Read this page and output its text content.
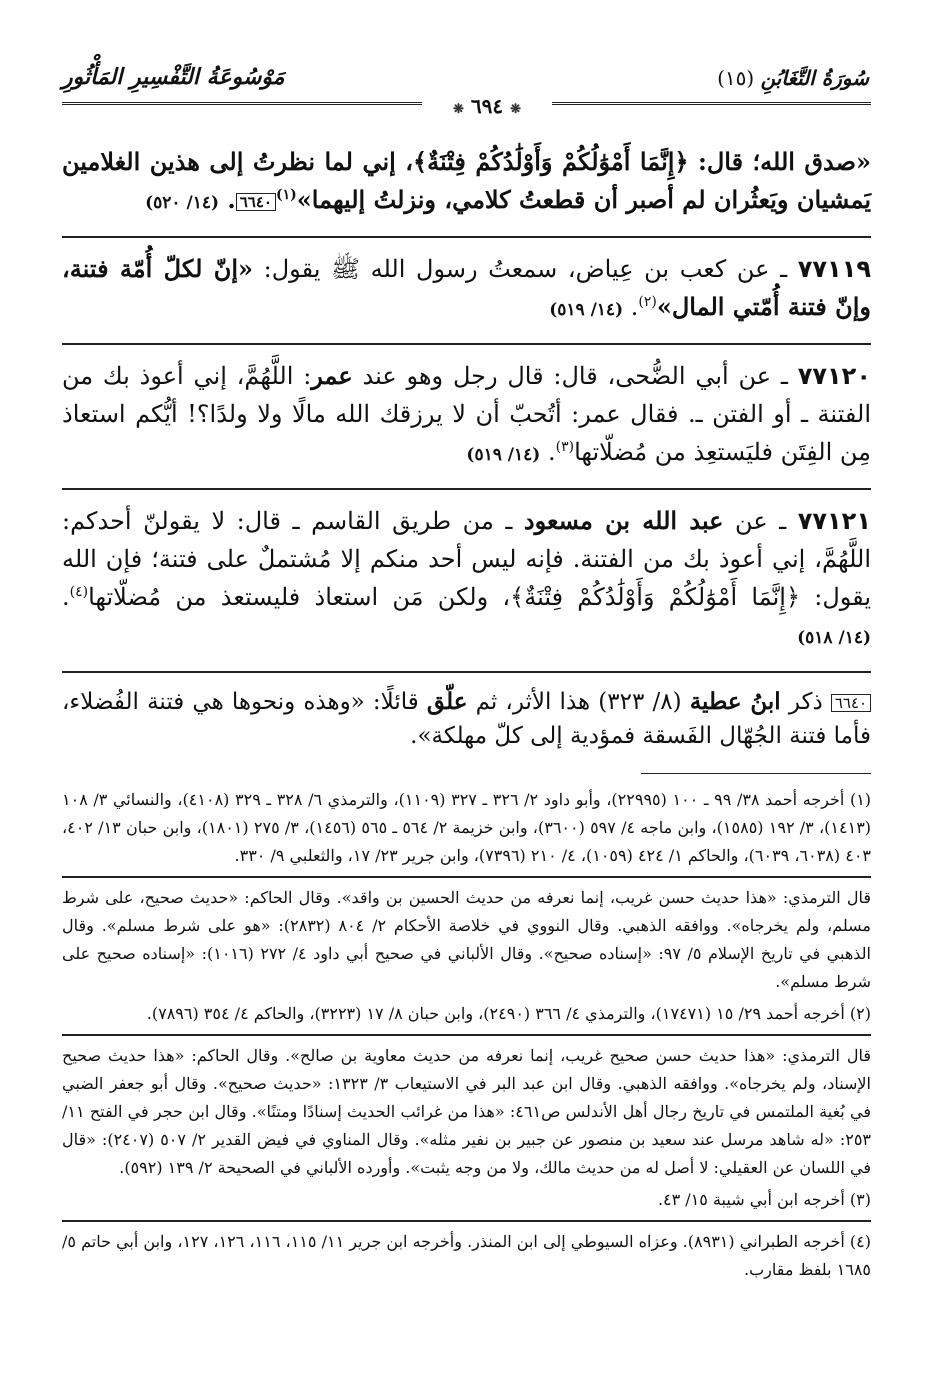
سُورَةُ التَّغَابُنِ (١٥)
مَوْسُوعَةُ التَّفْسِيرِ المَأْثُورِ
❋ ٦٩٤ ❋

«صدق الله؛ قال: ﴿إِنَّمَا أَمْوَٰلُكُمْ وَأَوْلَٰدُكُمْ فِتْنَةٌ﴾، إني لما نظرتُ إلى هذين الغلامين يَمشيان ويَعثُران لم أصبر أن قطعتُ كلامي، ونزلتُ إليهما»$^{(١)}$٦٦٤٠. (١٤/ ٥٢٠)

٧٧١١٩ ـ عن كعب بن عِياض، سمعتُ رسول الله ﷺ يقول: «إنّ لكلّ أُمّة فتنة، وإنّ فتنة أُمّتي المال»$^{(٢)}$. (١٤/ ٥١٩)

٧٧١٢٠ ـ عن أبي الضُّحى، قال: قال رجل وهو عند عمر: اللَّهُمَّ، إني أعوذ بك من الفتنة ـ أو الفتن ـ. فقال عمر: أتُحبّ أن لا يرزقك الله مالًا ولا ولدًا؟! أيُّكم استعاذ مِن الفِتَن فليَستعِذ من مُضلّاتها$^{(٣)}$. (١٤/ ٥١٩)

٧٧١٢١ ـ عن عبد الله بن مسعود ـ من طريق القاسم ـ قال: لا يقولنّ أحدكم: اللَّهُمَّ، إني أعوذ بك من الفتنة. فإنه ليس أحد منكم إلا مُشتملٌ على فتنة؛ فإن الله يقول: ﴿إِنَّمَا أَمْوَٰلُكُمْ وَأَوْلَٰدُكُمْ فِتْنَةٌ﴾، ولكن مَن استعاذ فليستعذ من مُضلّاتها$^{(٤)}$. (١٤/ ٥١٨)

٦٦٤٠ ذكر ابنُ عطية (٨/ ٣٢٣) هذا الأثر، ثم علّق قائلًا: «وهذه ونحوها هي فتنة الفُضلاء، فأما فتنة الجُهّال الفَسقة فمؤدية إلى كلّ مهلكة».

(١) أخرجه أحمد ٣٨/ ٩٩ ـ ١٠٠ (٢٢٩٩٥)، وأبو داود ٢/ ٣٢٦ ـ ٣٢٧ (١١٠٩)، والترمذي ٦/ ٣٢٨ ـ ٣٢٩ (٤١٠٨)، والنسائي ٣/ ١٠٨ (١٤١٣)، ٣/ ١٩٢ (١٥٨٥)، وابن ماجه ٤/ ٥٩٧ (٣٦٠٠)، وابن خزيمة ٢/ ٥٦٤ ـ ٥٦٥ (١٤٥٦)، ٣/ ٢٧٥ (١٨٠١)، وابن حبان ١٣/ ٤٠٢، ٤٠٣ (٦٠٣٨، ٦٠٣٩)، والحاكم ١/ ٤٢٤ (١٠٥٩)، ٤/ ٢١٠ (٧٣٩٦)، وابن جرير ٢٣/ ١٧، والثعلبي ٩/ ٣٣٠.

قال الترمذي: «هذا حديث حسن غريب، إنما نعرفه من حديث الحسين بن واقد». وقال الحاكم: «حديث صحيح، على شرط مسلم، ولم يخرجاه». ووافقه الذهبي. وقال النووي في خلاصة الأحكام ٢/ ٨٠٤ (٢٨٣٢): «هو على شرط مسلم». وقال الذهبي في تاريخ الإسلام ٥/ ٩٧: «إسناده صحيح». وقال الألباني في صحيح أبي داود ٤/ ٢٧٢ (١٠١٦): «إسناده صحيح على شرط مسلم».

(٢) أخرجه أحمد ٢٩/ ١٥ (١٧٤٧١)، والترمذي ٤/ ٣٦٦ (٢٤٩٠)، وابن حبان ٨/ ١٧ (٣٢٢٣)، والحاكم ٤/ ٣٥٤ (٧٨٩٦).

قال الترمذي: «هذا حديث حسن صحيح غريب، إنما نعرفه من حديث معاوية بن صالح». وقال الحاكم: «هذا حديث صحيح الإسناد، ولم يخرجاه». ووافقه الذهبي. وقال ابن عبد البر في الاستيعاب ٣/ ١٣٢٣: «حديث صحيح». وقال أبو جعفر الضبي في بُغية الملتمس في تاريخ رجال أهل الأندلس ص٤٦١: «هذا من غرائب الحديث إسنادًا ومتنًا». وقال ابن حجر في الفتح ١١/ ٢٥٣: «له شاهد مرسل عند سعيد بن منصور عن جبير بن نفير مثله». وقال المناوي في فيض القدير ٢/ ٥٠٧ (٢٤٠٧): «قال في اللسان عن العقيلي: لا أصل له من حديث مالك، ولا من وجه يثبت». وأورده الألباني في الصحيحة ٢/ ١٣٩ (٥٩٢).

(٣) أخرجه ابن أبي شيبة ١٥/ ٤٣.

(٤) أخرجه الطبراني (٨٩٣١). وعزاه السيوطي إلى ابن المنذر. وأخرجه ابن جرير ١١/ ١١٥، ١١٦، ١٢٦، ١٢٧، وابن أبي حاتم ٥/ ١٦٨٥ بلفظ مقارب.
